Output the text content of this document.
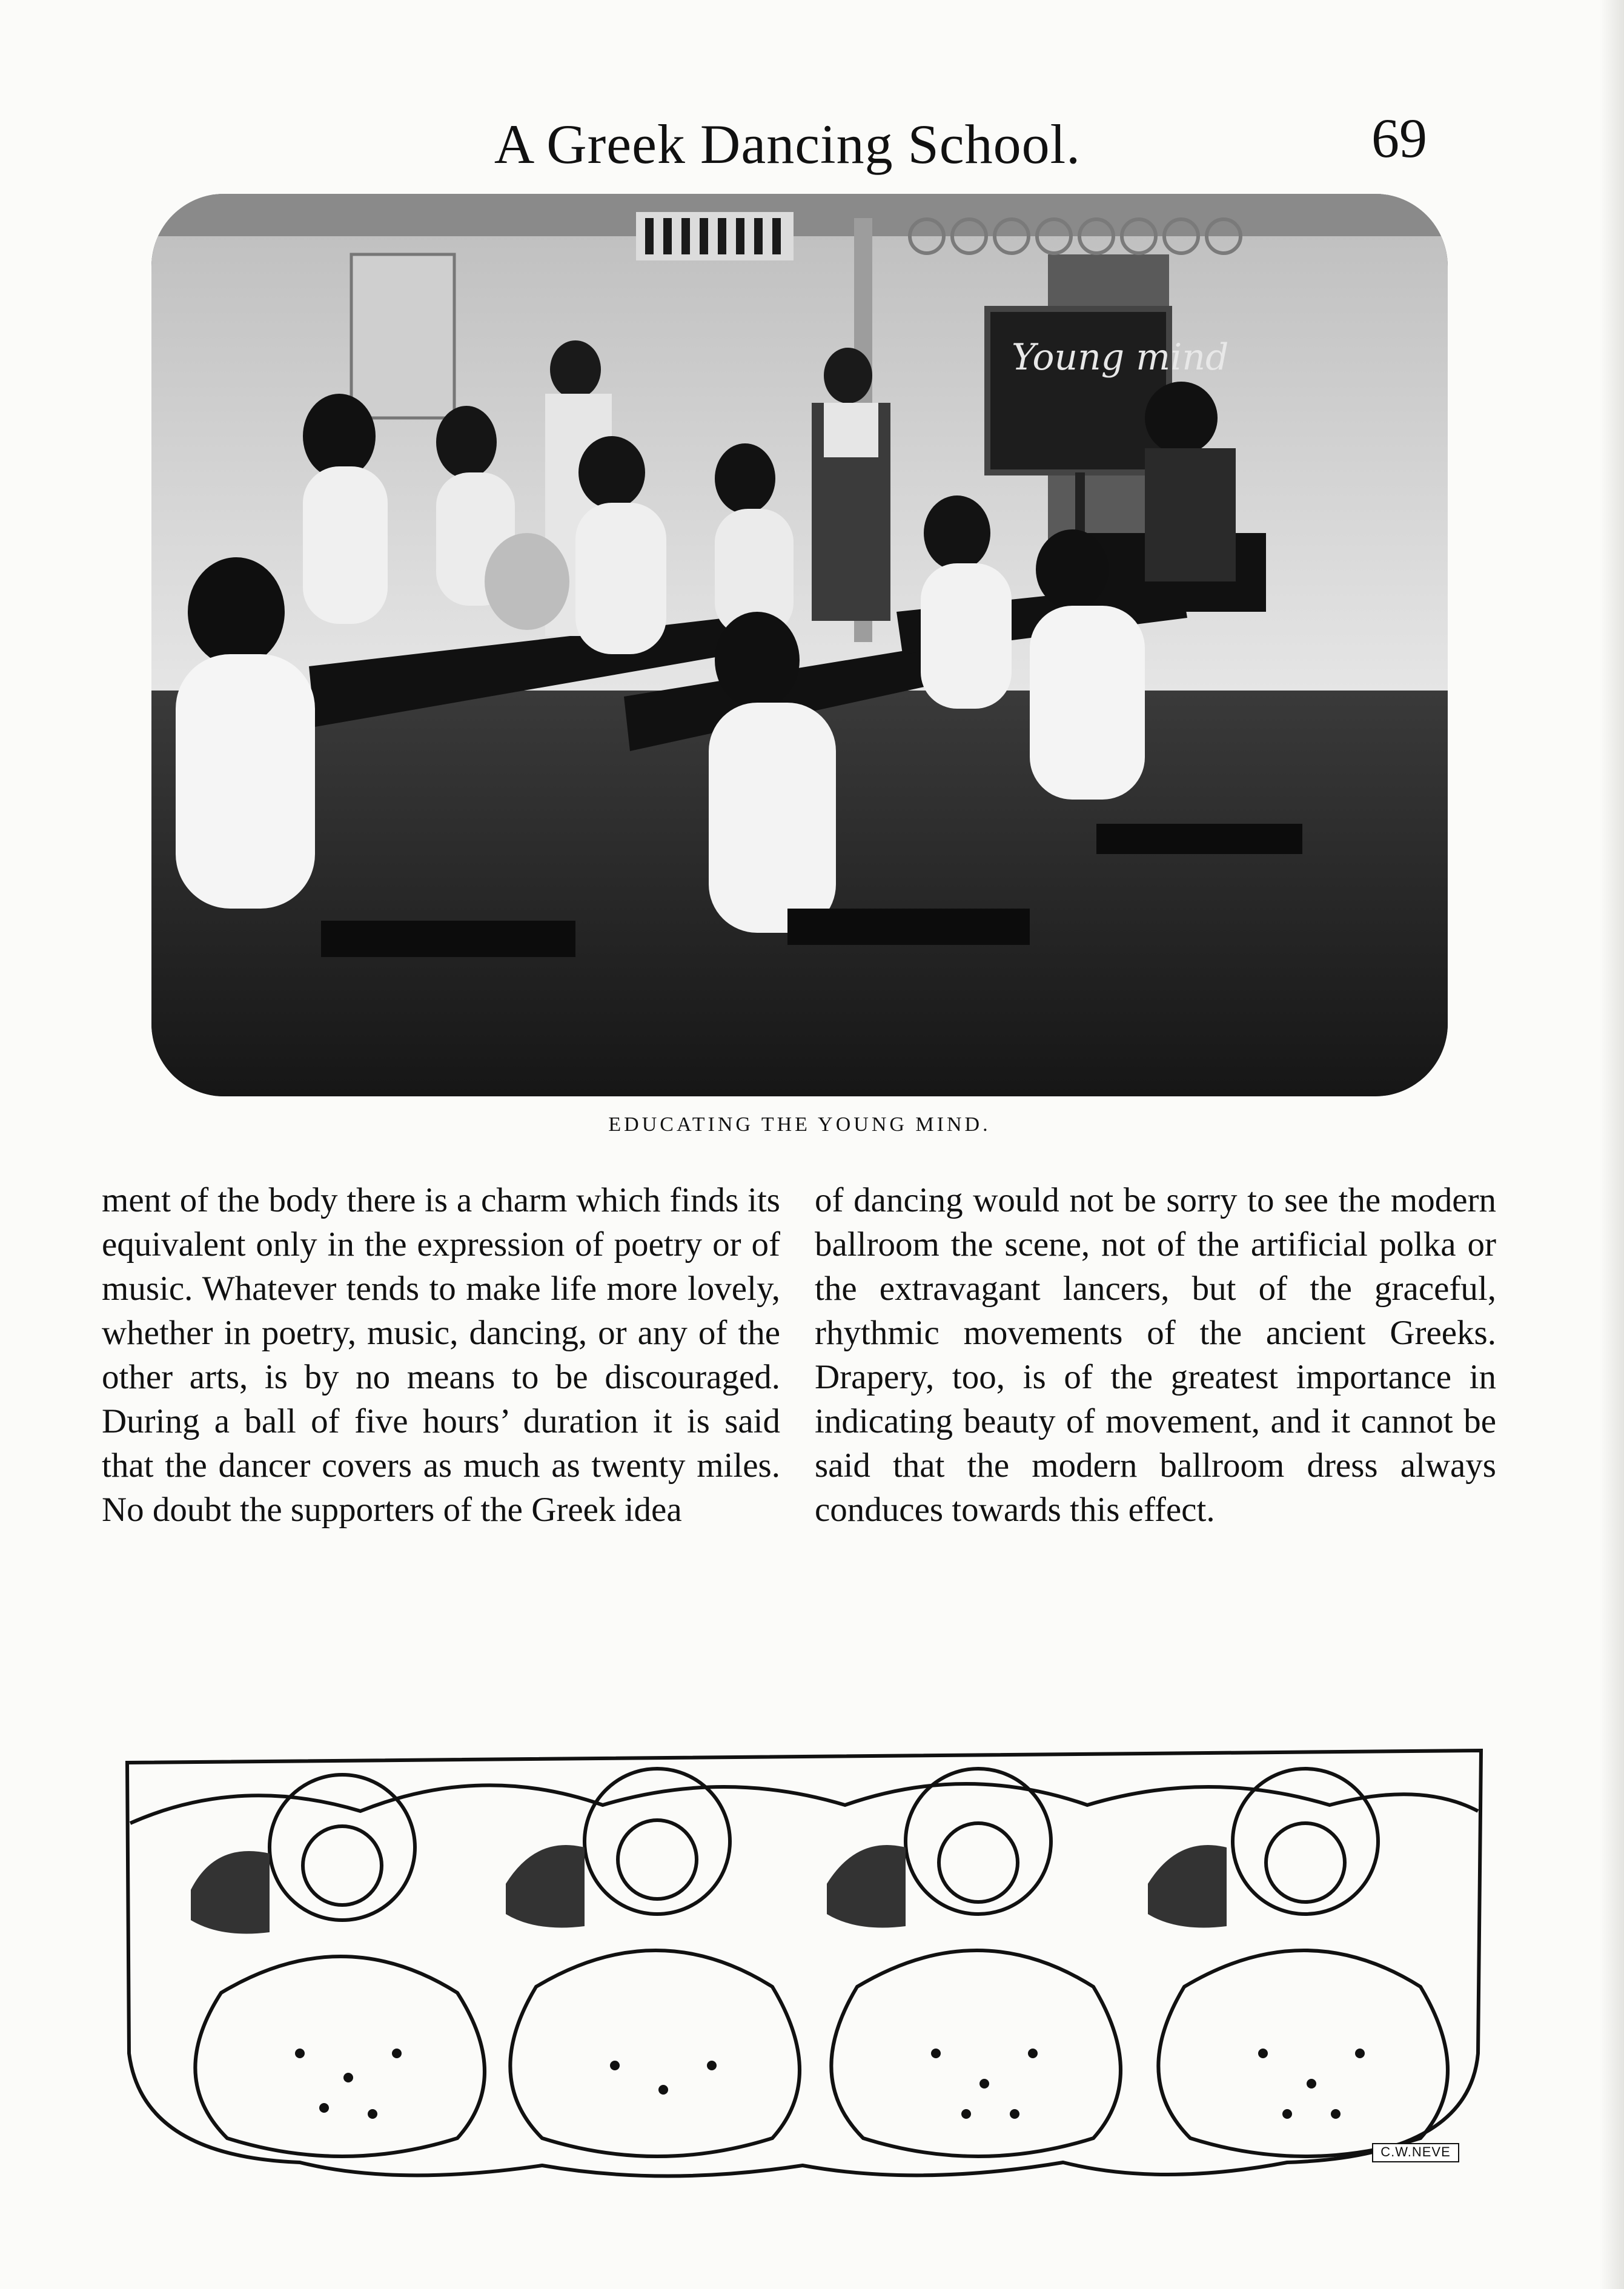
A Greek Dancing School.	69
Young mind
EDUCATING THE YOUNG MIND.

ment of the body there is a charm which finds its equivalent only in the expression of poetry or of music. Whatever tends to make life more lovely, whether in poetry, music, dancing, or any of the other arts, is by no means to be discouraged. During a ball of five hours’ duration it is said that the dancer covers as much as twenty miles. No doubt the supporters of the Greek idea

of dancing would not be sorry to see the modern ballroom the scene, not of the artificial polka or the extravagant lancers, but of the graceful, rhythmic movements of the ancient Greeks. Drapery, too, is of the greatest importance in indicating beauty of movement, and it cannot be said that the modern ballroom dress always conduces towards this effect.

C.W.NEVE
